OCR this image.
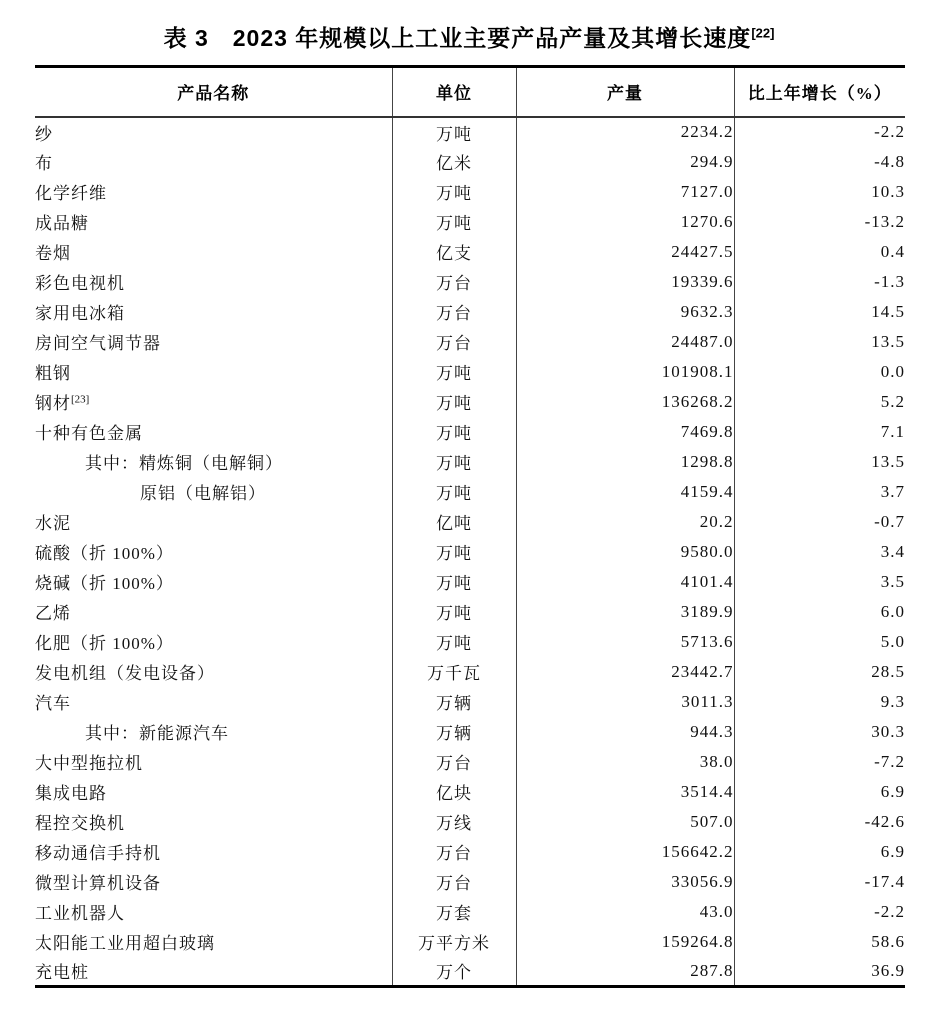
表 3　2023 年规模以上工业主要产品产量及其增长速度[22]
产品名称	单位	产量	比上年增长（%）
纱	万吨	2234.2	-2.2
布	亿米	294.9	-4.8
化学纤维	万吨	7127.0	10.3
成品糖	万吨	1270.6	-13.2
卷烟	亿支	24427.5	0.4
彩色电视机	万台	19339.6	-1.3
家用电冰箱	万台	9632.3	14.5
房间空气调节器	万台	24487.0	13.5
粗钢	万吨	101908.1	0.0
钢材[23]	万吨	136268.2	5.2
十种有色金属	万吨	7469.8	7.1
其中：精炼铜（电解铜）	万吨	1298.8	13.5
原铝（电解铝）	万吨	4159.4	3.7
水泥	亿吨	20.2	-0.7
硫酸（折 100%）	万吨	9580.0	3.4
烧碱（折 100%）	万吨	4101.4	3.5
乙烯	万吨	3189.9	6.0
化肥（折 100%）	万吨	5713.6	5.0
发电机组（发电设备）	万千瓦	23442.7	28.5
汽车	万辆	3011.3	9.3
其中：新能源汽车	万辆	944.3	30.3
大中型拖拉机	万台	38.0	-7.2
集成电路	亿块	3514.4	6.9
程控交换机	万线	507.0	-42.6
移动通信手持机	万台	156642.2	6.9
微型计算机设备	万台	33056.9	-17.4
工业机器人	万套	43.0	-2.2
太阳能工业用超白玻璃	万平方米	159264.8	58.6
充电桩	万个	287.8	36.9
